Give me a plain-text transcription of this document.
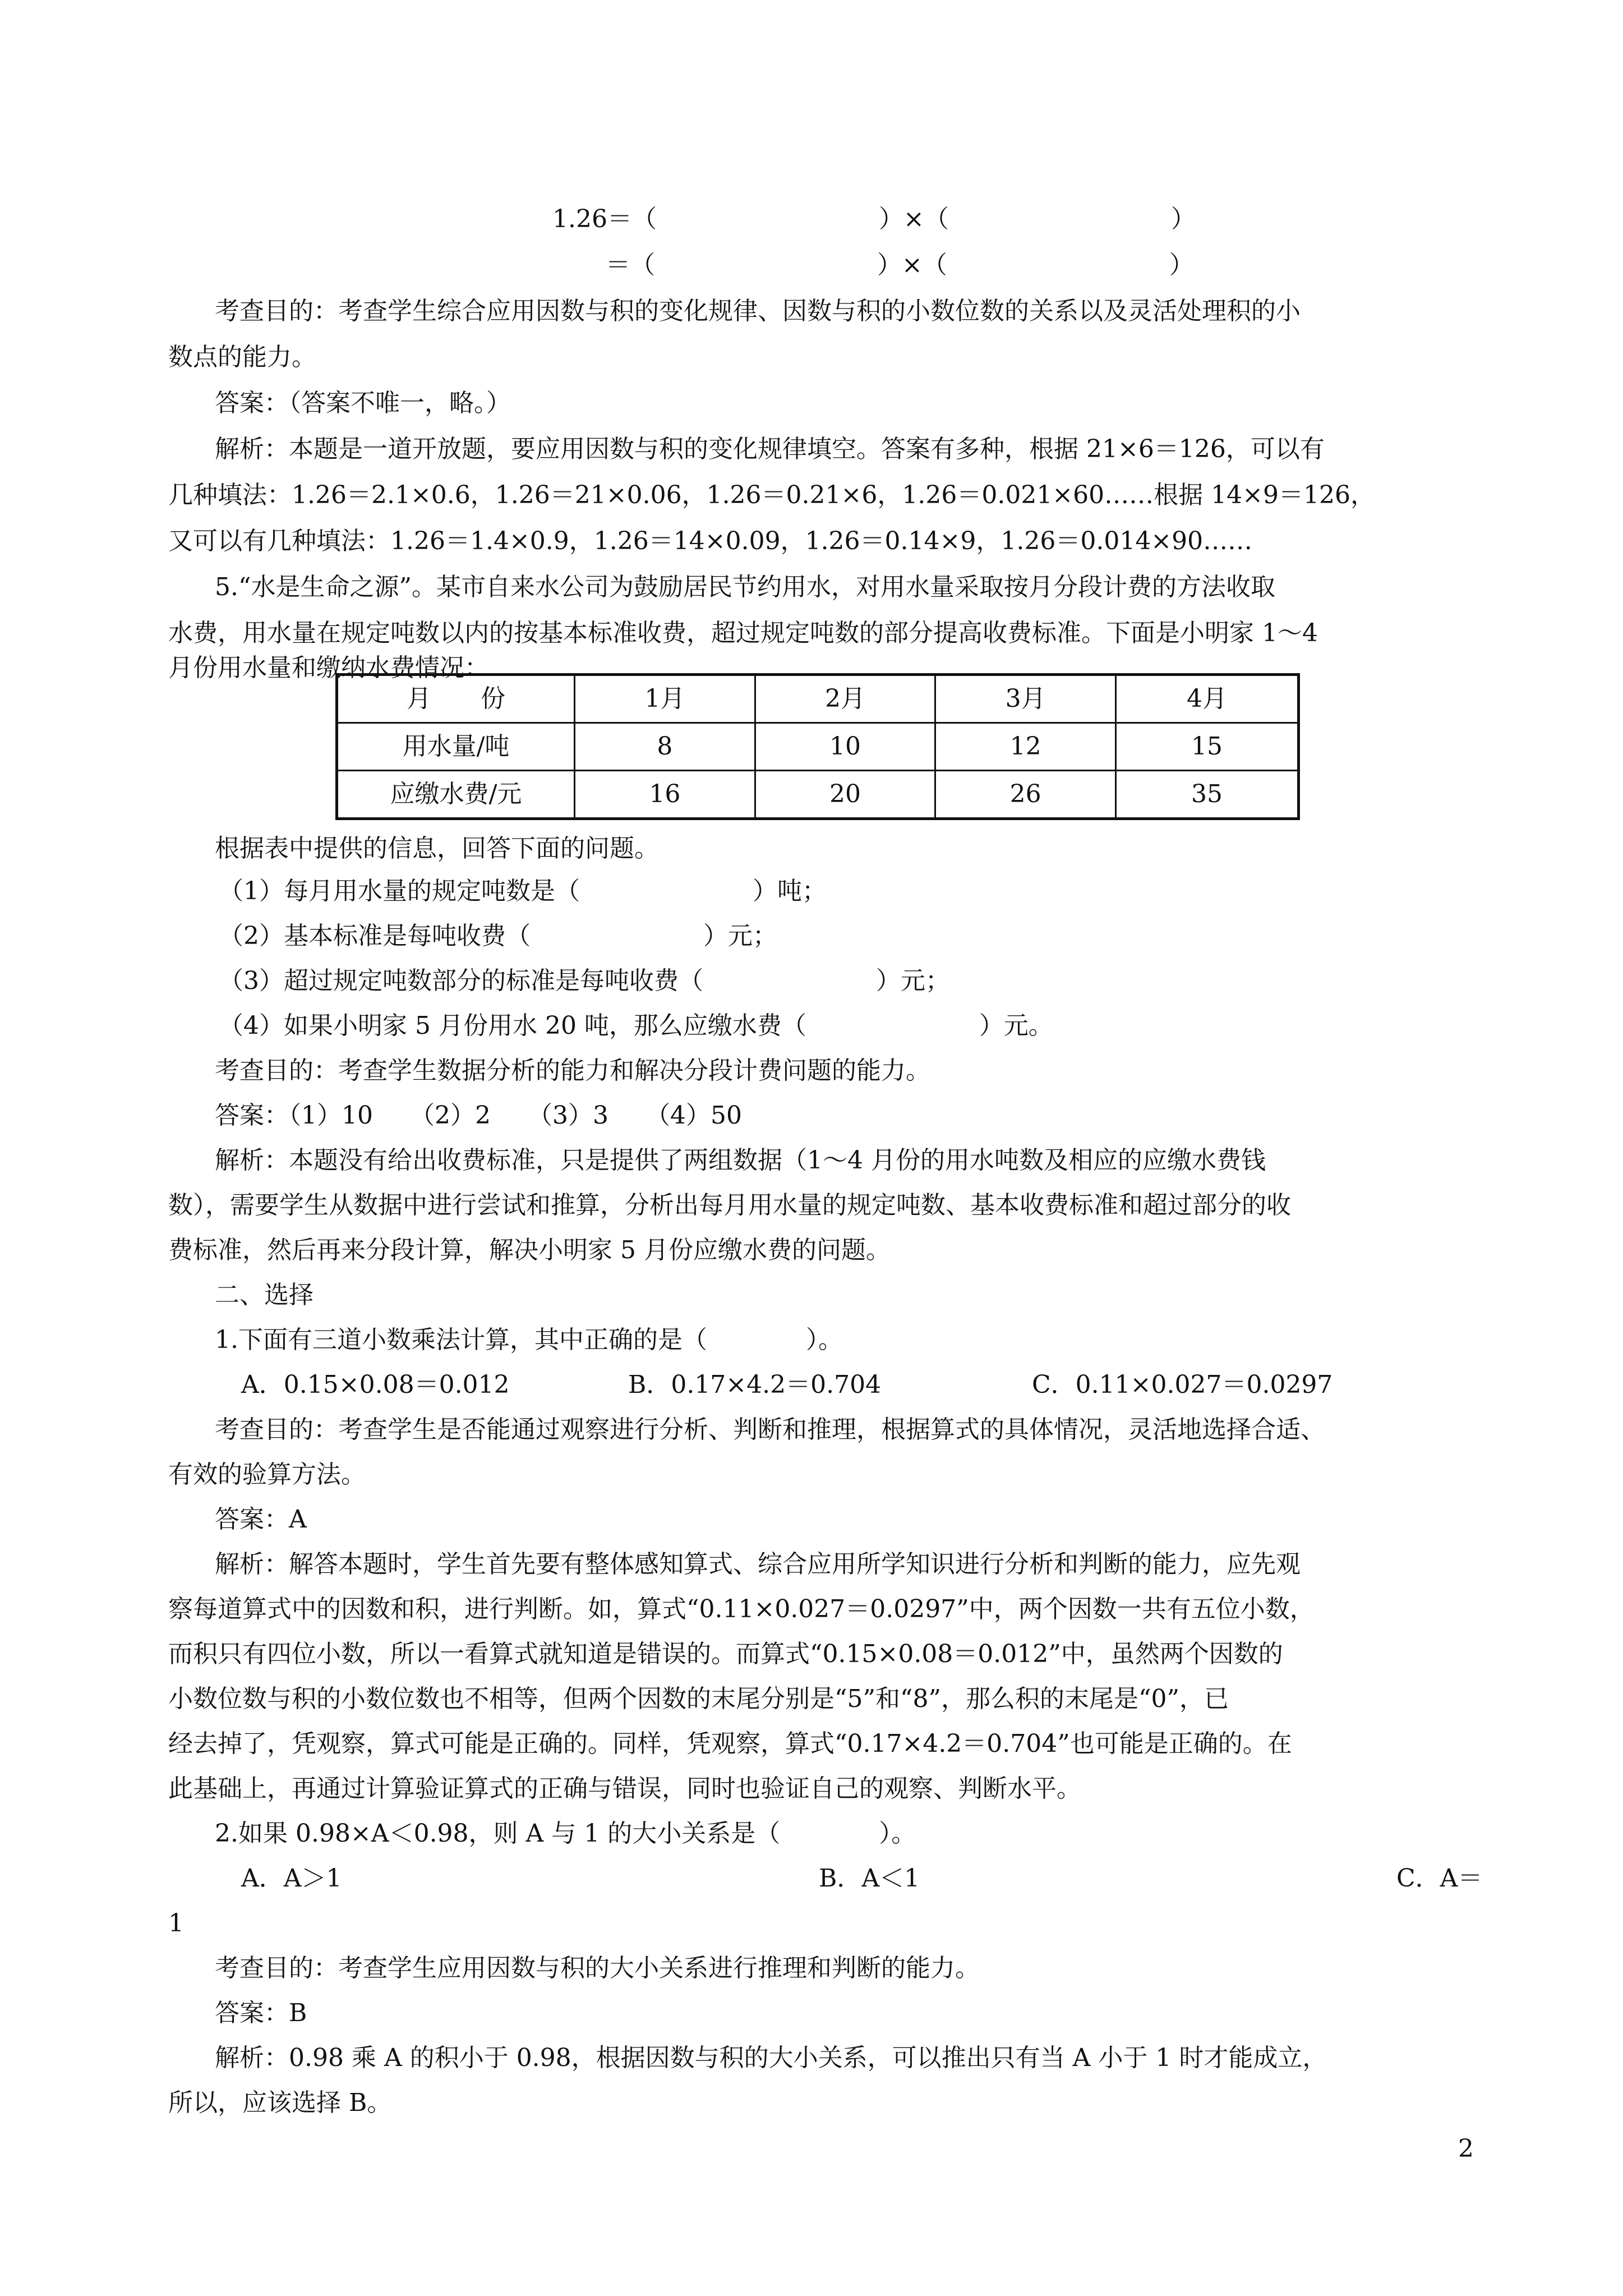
1.26＝（　　　　　　　　　）×（　　　　　　　　　）
＝（　　　　　　　　　）×（　　　　　　　　　）
考查目的：考查学生综合应用因数与积的变化规律、因数与积的小数位数的关系以及灵活处理积的小
数点的能力。
答案：（答案不唯一，略。）
解析：本题是一道开放题，要应用因数与积的变化规律填空。答案有多种，根据 21×6＝126，可以有
几种填法：1.26＝2.1×0.6，1.26＝21×0.06，1.26＝0.21×6，1.26＝0.021×60……根据 14×9＝126，
又可以有几种填法：1.26＝1.4×0.9，1.26＝14×0.09，1.26＝0.14×9，1.26＝0.014×90……
5.“水是生命之源”。某市自来水公司为鼓励居民节约用水，对用水量采取按月分段计费的方法收取
水费，用水量在规定吨数以内的按基本标准收费，超过规定吨数的部分提高收费标准。下面是小明家 1～4
月份用水量和缴纳水费情况：
月　　份	1月	2月	3月	4月
用水量/吨	8	10	12	15
应缴水费/元	16	20	26	35
根据表中提供的信息，回答下面的问题。
（1）每月用水量的规定吨数是（　　　　　　　）吨；
（2）基本标准是每吨收费（　　　　　　　）元；
（3）超过规定吨数部分的标准是每吨收费（　　　　　　　）元；
（4）如果小明家 5 月份用水 20 吨，那么应缴水费（　　　　　　　）元。
考查目的：考查学生数据分析的能力和解决分段计费问题的能力。
答案：（1）10　　（2）2　　（3）3　　（4）50
解析：本题没有给出收费标准，只是提供了两组数据（1～4 月份的用水吨数及相应的应缴水费钱
数），需要学生从数据中进行尝试和推算，分析出每月用水量的规定吨数、基本收费标准和超过部分的收
费标准，然后再来分段计算，解决小明家 5 月份应缴水费的问题。
二、选择
1.下面有三道小数乘法计算，其中正确的是（　　　　）。
A．0.15×0.08＝0.012	B．0.17×4.2＝0.704	C．0.11×0.027＝0.0297
考查目的：考查学生是否能通过观察进行分析、判断和推理，根据算式的具体情况，灵活地选择合适、
有效的验算方法。
答案：A
解析：解答本题时，学生首先要有整体感知算式、综合应用所学知识进行分析和判断的能力，应先观
察每道算式中的因数和积，进行判断。如，算式“0.11×0.027＝0.0297”中，两个因数一共有五位小数，
而积只有四位小数，所以一看算式就知道是错误的。而算式“0.15×0.08＝0.012”中，虽然两个因数的
小数位数与积的小数位数也不相等，但两个因数的末尾分别是“5”和“8”，那么积的末尾是“0”，已
经去掉了，凭观察，算式可能是正确的。同样，凭观察，算式“0.17×4.2＝0.704”也可能是正确的。在
此基础上，再通过计算验证算式的正确与错误，同时也验证自己的观察、判断水平。
2.如果 0.98×A＜0.98，则 A 与 1 的大小关系是（　　　　）。
A．A＞1	B．A＜1	C．A＝
1
考查目的：考查学生应用因数与积的大小关系进行推理和判断的能力。
答案：B
解析：0.98 乘 A 的积小于 0.98，根据因数与积的大小关系，可以推出只有当 A 小于 1 时才能成立，
所以，应该选择 B。
2
